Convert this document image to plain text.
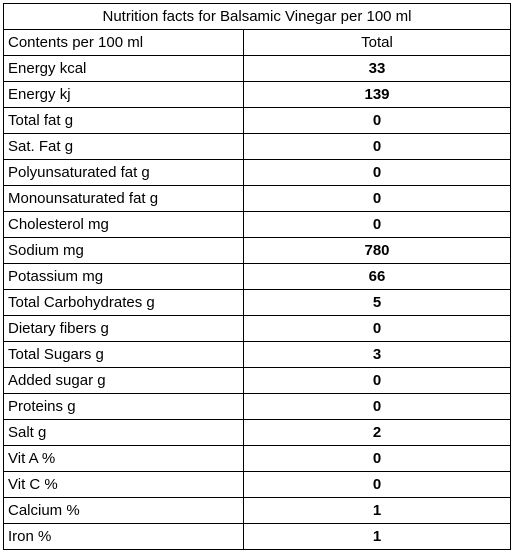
Nutrition facts for Balsamic Vinegar per 100 ml	
Contents per 100 ml	Total
Energy kcal	33
Energy kj	139
Total fat g	0
Sat. Fat g	0
Polyunsaturated fat g	0
Monounsaturated fat g	0
Cholesterol mg	0
Sodium mg	780
Potassium mg	66
Total Carbohydrates g	5
Dietary fibers g	0
Total Sugars g	3
Added sugar g	0
Proteins g	0
Salt g	2
Vit A %	0
Vit C %	0
Calcium %	1
Iron %	1
